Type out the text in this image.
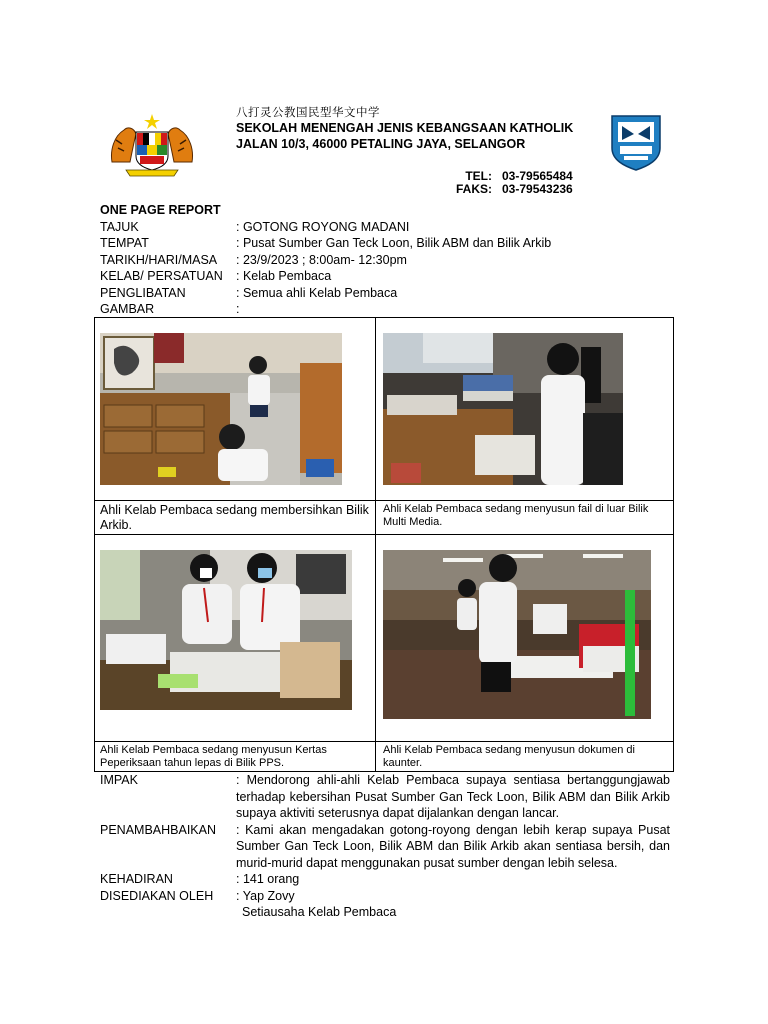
八打灵公教国民型华文中学
SEKOLAH MENENGAH JENIS KEBANGSAAN KATHOLIK
JALAN 10/3, 46000 PETALING JAYA, SELANGOR
TEL: 03-79565484
FAKS: 03-79543236
ONE PAGE REPORT
TAJUK	: GOTONG ROYONG MADANI
TEMPAT	: Pusat Sumber Gan Teck Loon, Bilik ABM dan Bilik Arkib
TARIKH/HARI/MASA	: 23/9/2023 ; 8:00am- 12:30pm
KELAB/ PERSATUAN	: Kelab Pembaca
PENGLIBATAN	: Semua ahli Kelab Pembaca
GAMBAR	:
Ahli Kelab Pembaca sedang membersihkan Bilik Arkib.
Ahli Kelab Pembaca sedang menyusun fail di luar Bilik Multi Media.
Ahli Kelab Pembaca sedang menyusun Kertas Peperiksaan tahun lepas di Bilik PPS.
Ahli Kelab Pembaca sedang menyusun dokumen di kaunter.
IMPAK	: Mendorong ahli-ahli Kelab Pembaca supaya sentiasa bertanggungjawab terhadap kebersihan Pusat Sumber Gan Teck Loon, Bilik ABM dan Bilik Arkib supaya aktiviti seterusnya dapat dijalankan dengan lancar.
PENAMBAHBAIKAN	: Kami akan mengadakan gotong-royong dengan lebih kerap supaya Pusat Sumber Gan Teck Loon, Bilik ABM dan Bilik Arkib akan sentiasa bersih, dan murid-murid dapat menggunakan pusat sumber dengan lebih selesa.
KEHADIRAN	: 141 orang
DISEDIAKAN OLEH	: Yap Zovy
Setiausaha Kelab Pembaca
